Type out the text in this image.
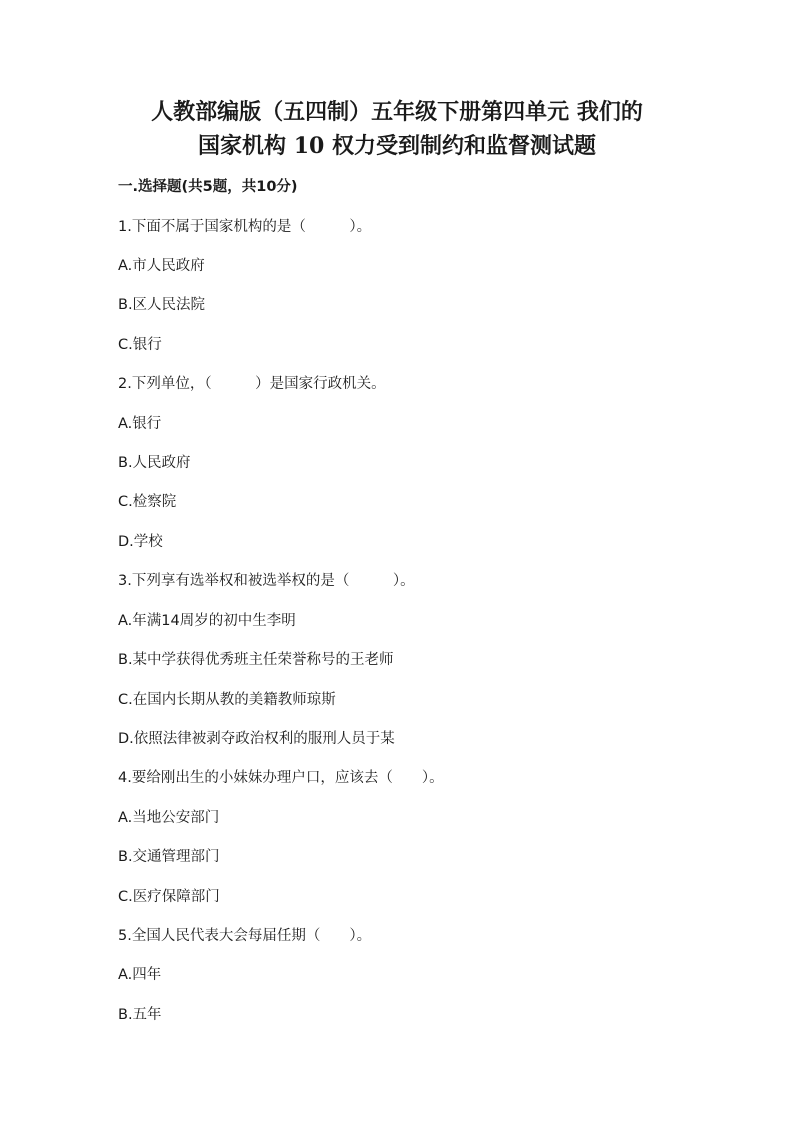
人教部编版（五四制）五年级下册第四单元 我们的
国家机构 10 权力受到制约和监督测试题
一.选择题(共5题，共10分)
1.下面不属于国家机构的是（　　　）。
A.市人民政府
B.区人民法院
C.银行
2.下列单位，（　　　）是国家行政机关。
A.银行
B.人民政府
C.检察院
D.学校
3.下列享有选举权和被选举权的是（　　　）。
A.年满14周岁的初中生李明
B.某中学获得优秀班主任荣誉称号的王老师
C.在国内长期从教的美籍教师琼斯
D.依照法律被剥夺政治权利的服刑人员于某
4.要给刚出生的小妹妹办理户口，应该去（　　）。
A.当地公安部门
B.交通管理部门
C.医疗保障部门
5.全国人民代表大会每届任期（　　）。
A.四年
B.五年
